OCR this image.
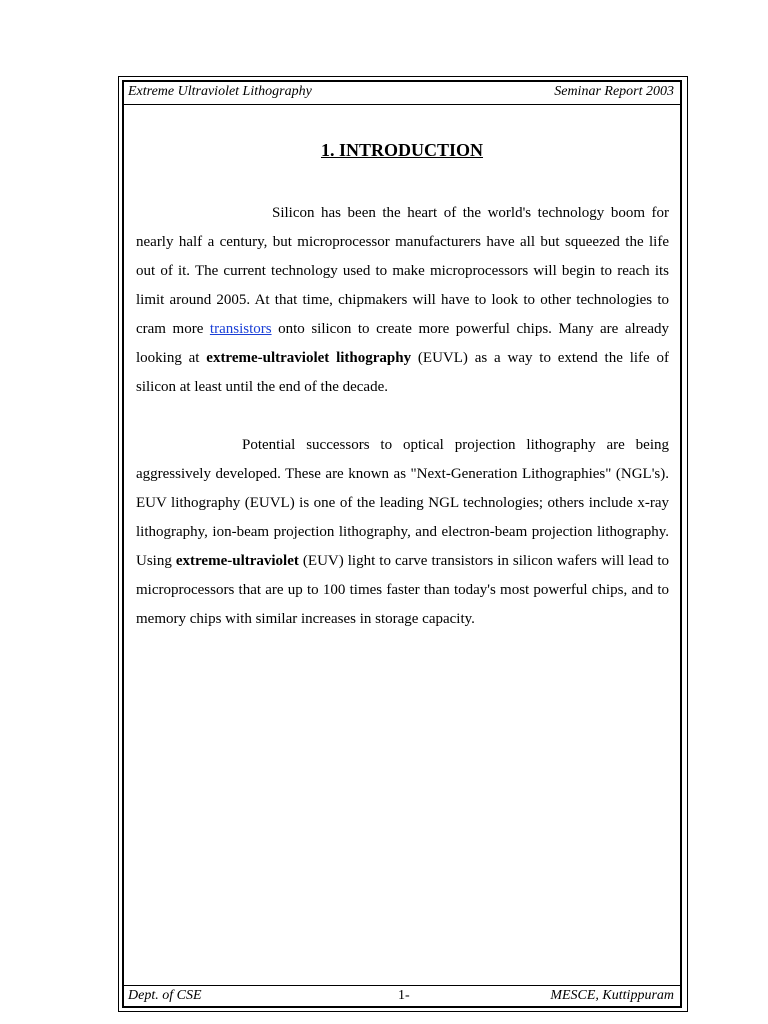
Extreme Ultraviolet Lithography	Seminar Report 2003
1. INTRODUCTION

Silicon has been the heart of the world's technology boom for nearly half a century, but microprocessor manufacturers have all but squeezed the life out of it. The current technology used to make microprocessors will begin to reach its limit around 2005. At that time, chipmakers will have to look to other technologies to cram more transistors onto silicon to create more powerful chips. Many are already looking at extreme-ultraviolet lithography (EUVL) as a way to extend the life of silicon at least until the end of the decade.

Potential successors to optical projection lithography are being aggressively developed. These are known as "Next-Generation Lithographies" (NGL's). EUV lithography (EUVL) is one of the leading NGL technologies; others include x-ray lithography, ion-beam projection lithography, and electron-beam projection lithography. Using extreme-ultraviolet (EUV) light to carve transistors in silicon wafers will lead to microprocessors that are up to 100 times faster than today's most powerful chips, and to memory chips with similar increases in storage capacity.

Dept. of CSE	1-	MESCE, Kuttippuram
